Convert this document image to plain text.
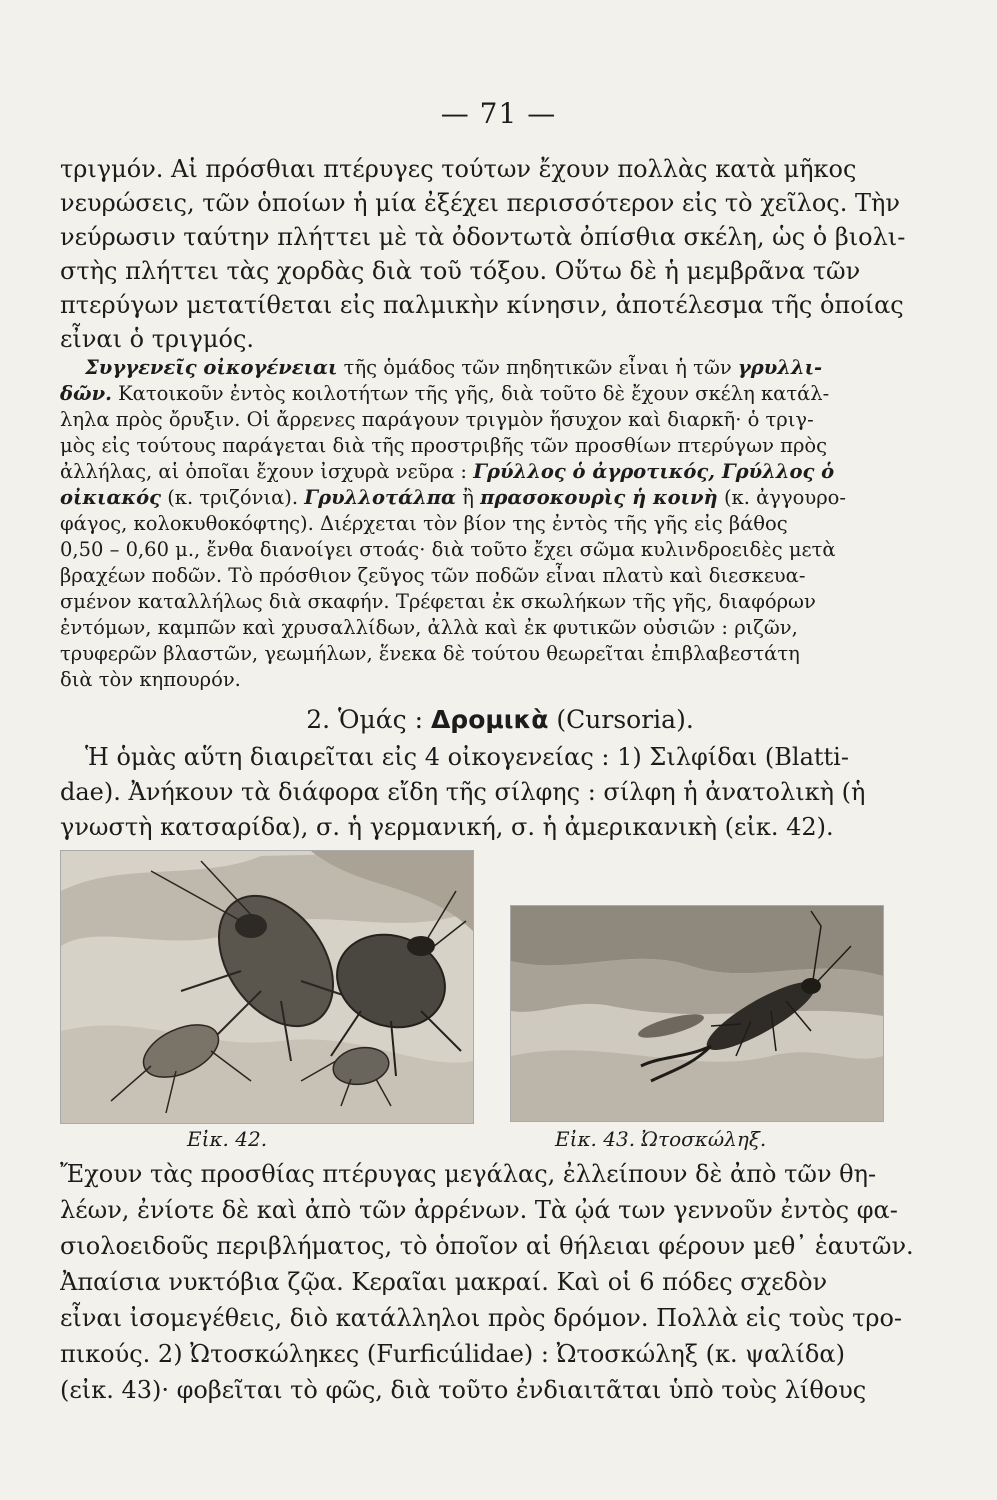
— 71 —
τριγμόν. Αἱ πρόσθιαι πτέρυγες τούτων ἔχουν πολλὰς κατὰ μῆκος
νευρώσεις, τῶν ὁποίων ἡ μία ἐξέχει περισσότερον εἰς τὸ χεῖλος. Τὴν
νεύρωσιν ταύτην πλήττει μὲ τὰ ὀδοντωτὰ ὀπίσθια σκέλη, ὡς ὁ βιολι-
στὴς πλήττει τὰς χορδὰς διὰ τοῦ τόξου. Οὕτω δὲ ἡ μεμβρᾶνα τῶν
πτερύγων μετατίθεται εἰς παλμικὴν κίνησιν, ἀποτέλεσμα τῆς ὁποίας
εἶναι ὁ τριγμός.
Συγγενεῖς οἰκογένειαι τῆς ὁμάδος τῶν πηδητικῶν εἶναι ἡ τῶν γρυλλι-
δῶν. Κατοικοῦν ἐντὸς κοιλοτήτων τῆς γῆς, διὰ τοῦτο δὲ ἔχουν σκέλη κατάλ-
ληλα πρὸς ὄρυξιν. Οἱ ἄρρενες παράγουν τριγμὸν ἥσυχον καὶ διαρκῆ· ὁ τριγ-
μὸς εἰς τούτους παράγεται διὰ τῆς προστριβῆς τῶν προσθίων πτερύγων πρὸς
ἀλλήλας, αἱ ὁποῖαι ἔχουν ἰσχυρὰ νεῦρα : Γρύλλος ὁ ἀγροτικός, Γρύλλος ὁ
οἰκιακός (κ. τριζόνια). Γρυλλοτάλπα ἢ πρασοκουρὶς ἡ κοινὴ (κ. ἀγγουρο-
φάγος, κολοκυθοκόφτης). Διέρχεται τὸν βίον της ἐντὸς τῆς γῆς εἰς βάθος
0,50 – 0,60 μ., ἔνθα διανοίγει στοάς· διὰ τοῦτο ἔχει σῶμα κυλινδροειδὲς μετὰ
βραχέων ποδῶν. Τὸ πρόσθιον ζεῦγος τῶν ποδῶν εἶναι πλατὺ καὶ διεσκευα-
σμένον καταλλήλως διὰ σκαφήν. Τρέφεται ἐκ σκωλήκων τῆς γῆς, διαφόρων
ἐντόμων, καμπῶν καὶ χρυσαλλίδων, ἀλλὰ καὶ ἐκ φυτικῶν οὐσιῶν : ριζῶν,
τρυφερῶν βλαστῶν, γεωμήλων, ἕνεκα δὲ τούτου θεωρεῖται ἐπιβλαβεστάτη
διὰ τὸν κηπουρόν.
2. Ὁμάς : Δρομικὰ (Cursoria).
Ἡ ὁμὰς αὕτη διαιρεῖται εἰς 4 οἰκογενείας : 1) Σιλφίδαι (Blatti-
dae). Ἀνήκουν τὰ διάφορα εἴδη τῆς σίλφης : σίλφη ἡ ἀνατολικὴ (ἡ
γνωστὴ κατσαρίδα), σ. ἡ γερμανική, σ. ἡ ἀμερικανικὴ (εἰκ. 42).
Εἰκ. 42.	Εἰκ. 43. Ὠτοσκώληξ.
Ἔχουν τὰς προσθίας πτέρυγας μεγάλας, ἐλλείπουν δὲ ἀπὸ τῶν θη-
λέων, ἐνίοτε δὲ καὶ ἀπὸ τῶν ἀρρένων. Τὰ ᾠά των γεννοῦν ἐντὸς φα-
σιολοειδοῦς περιβλήματος, τὸ ὁποῖον αἱ θήλειαι φέρουν μεθ᾽ ἑαυτῶν.
Ἀπαίσια νυκτόβια ζῷα. Κεραῖαι μακραί. Καὶ οἱ 6 πόδες σχεδὸν
εἶναι ἰσομεγέθεις, διὸ κατάλληλοι πρὸς δρόμον. Πολλὰ εἰς τοὺς τρο-
πικούς. 2) Ὠτοσκώληκες (Furficúlidae) : Ὠτοσκώληξ (κ. ψαλίδα)
(εἰκ. 43)· φοβεῖται τὸ φῶς, διὰ τοῦτο ἐνδιαιτᾶται ὑπὸ τοὺς λίθους
